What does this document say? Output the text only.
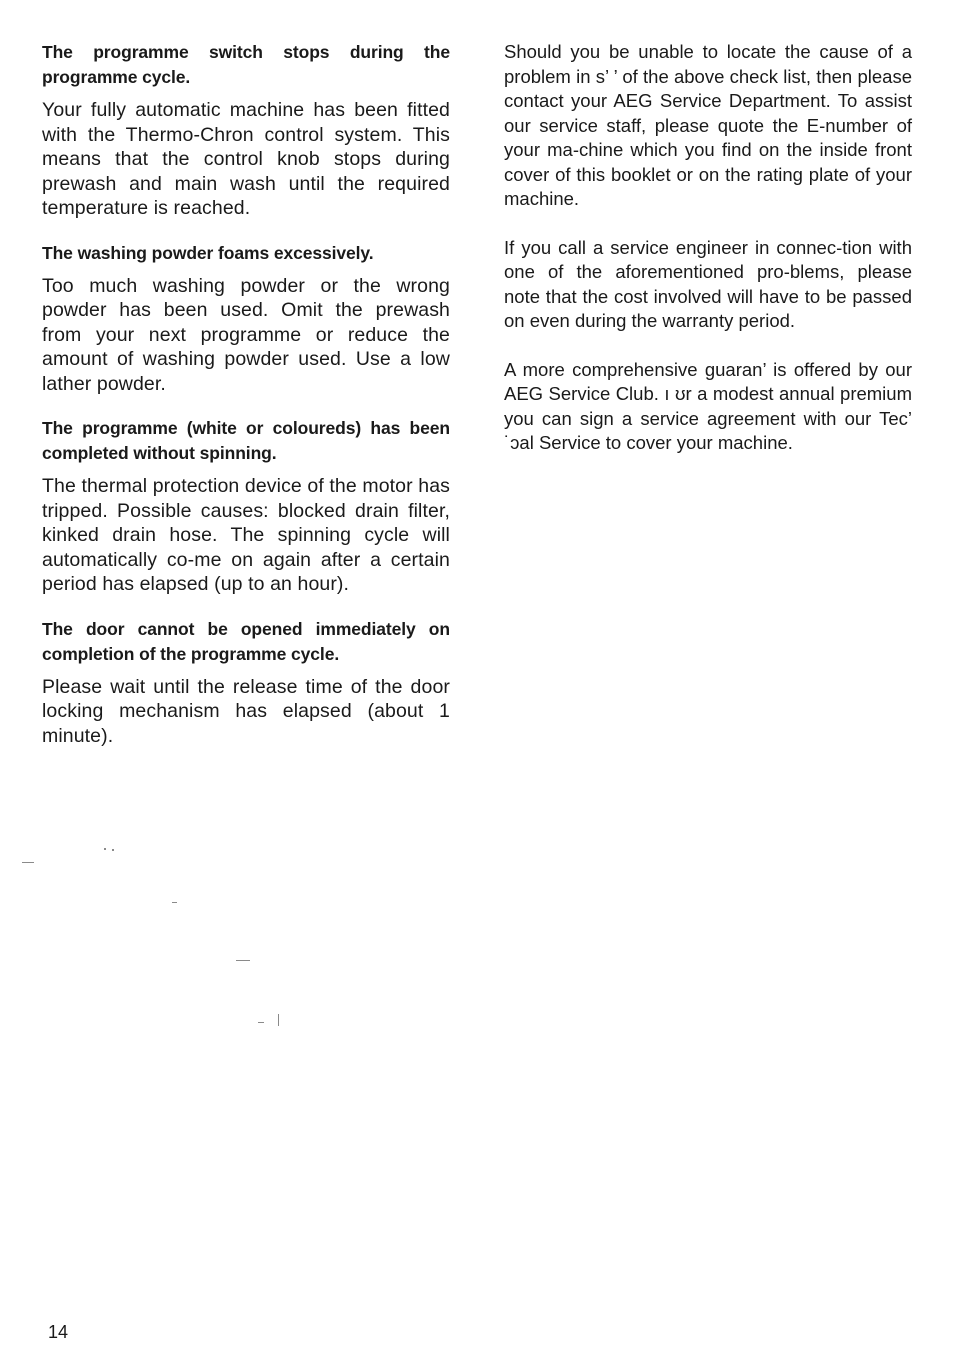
The programme switch stops during the programme cycle.

Your fully automatic machine has been fitted with the Thermo-Chron control system. This means that the control knob stops during prewash and main wash until the required temperature is reached.

The washing powder foams excessively.

Too much washing powder or the wrong powder has been used. Omit the prewash from your next programme or reduce the amount of washing powder used. Use a low lather powder.

The programme (white or coloureds) has been completed without spinning.

The thermal protection device of the motor has tripped. Possible causes: blocked drain filter, kinked drain hose. The spinning cycle will automatically co-me on again after a certain period has elapsed (up to an hour).

The door cannot be opened immediately on completion of the programme cycle.

Please wait until the release time of the door locking mechanism has elapsed (about 1 minute).

Should you be unable to locate the cause of a problem in s’ ’ of the above check list, then please contact your AEG Service Department. To assist our service staff, please quote the E-number of your ma-chine which you find on the inside front cover of this booklet or on the rating plate of your machine.

If you call a service engineer in connec-tion with one of the aforementioned pro-blems, please note that the cost involved will have to be passed on even during the warranty period.

A more comprehensive guaran’ is offered by our AEG Service Club. ı ʊr a modest annual premium you can sign a service agreement with our Tec’ ˙ɔal Service to cover your machine.

14
